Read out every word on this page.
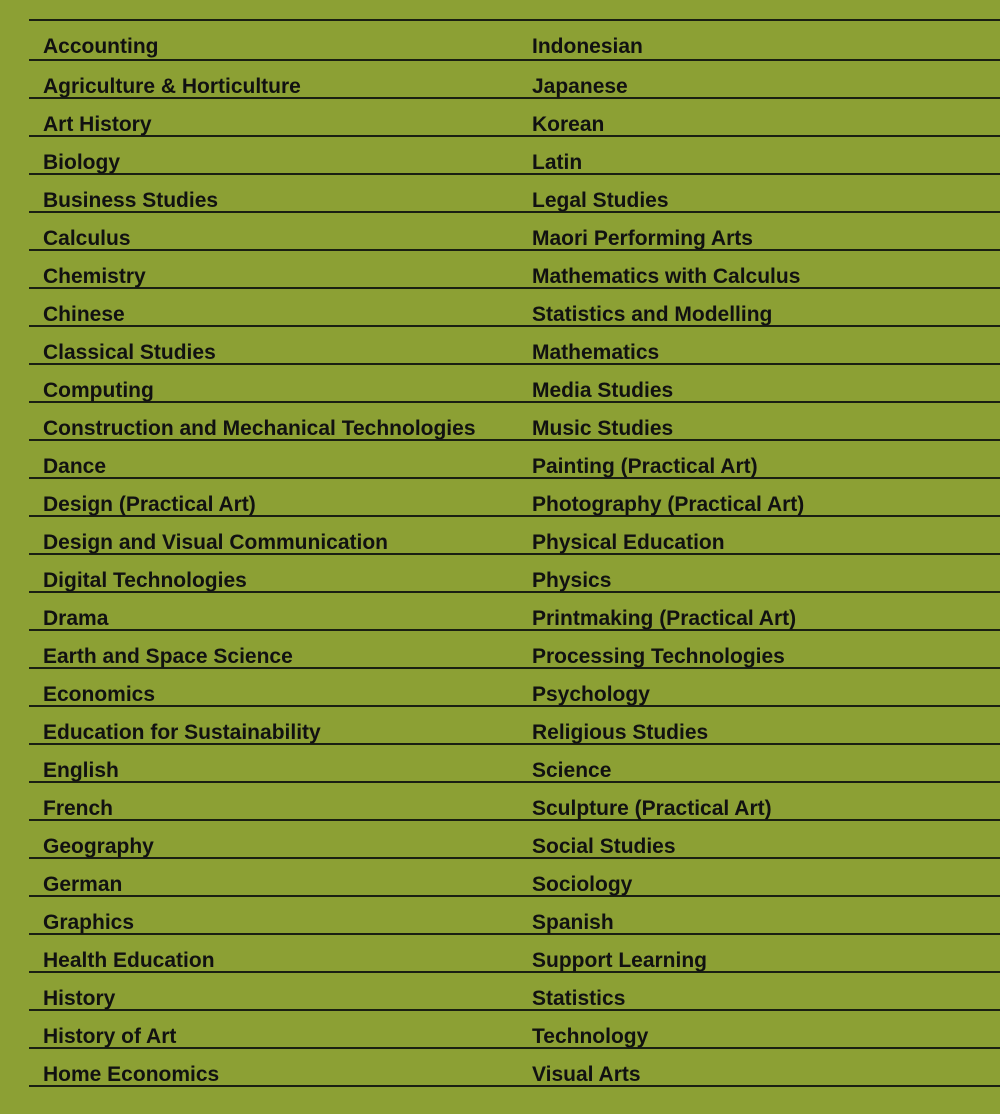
Accounting	Indonesian
Agriculture & Horticulture	Japanese
Art History	Korean
Biology	Latin
Business Studies	Legal Studies
Calculus	Maori Performing Arts
Chemistry	Mathematics with Calculus
Chinese	Statistics and Modelling
Classical Studies	Mathematics
Computing	Media Studies
Construction and Mechanical Technologies	Music Studies
Dance	Painting (Practical Art)
Design (Practical Art)	Photography (Practical Art)
Design and Visual Communication	Physical Education
Digital Technologies	Physics
Drama	Printmaking (Practical Art)
Earth and Space Science	Processing Technologies
Economics	Psychology
Education for Sustainability	Religious Studies
English	Science
French	Sculpture (Practical Art)
Geography	Social Studies
German	Sociology
Graphics	Spanish
Health Education	Support Learning
History	Statistics
History of Art	Technology
Home Economics	Visual Arts
